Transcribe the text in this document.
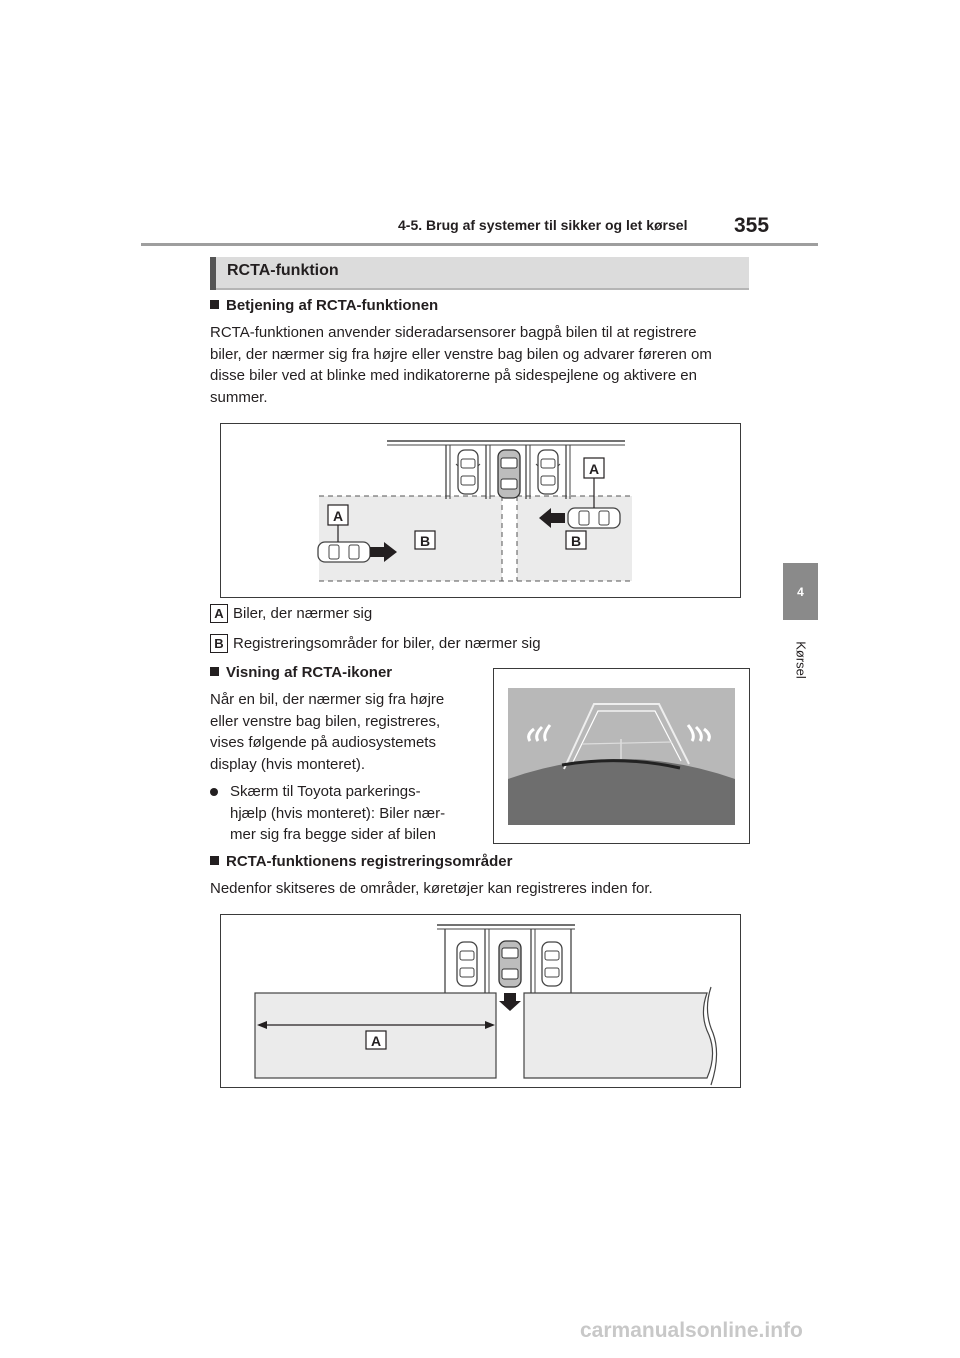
4-5. Brug af systemer til sikker og let kørsel 355
4
Kørsel
RCTA-funktion
Betjening af RCTA-funktionen
RCTA-funktionen anvender sideradarsensorer bagpå bilen til at registrere
biler, der nærmer sig fra højre eller venstre bag bilen og advarer føreren om
disse biler ved at blinke med indikatorerne på sidespejlene og aktivere en
summer.
A
A
B	B
A Biler, der nærmer sig
B Registreringsområder for biler, der nærmer sig
Visning af RCTA-ikoner
Når en bil, der nærmer sig fra højre
eller venstre bag bilen, registreres,
vises følgende på audiosystemets
display (hvis monteret).
Skærm til Toyota parkerings-
hjælp (hvis monteret): Biler nær-
mer sig fra begge sider af bilen
RCTA-funktionens registreringsområder
Nedenfor skitseres de områder, køretøjer kan registreres inden for.
A
carmanualsonline.info
